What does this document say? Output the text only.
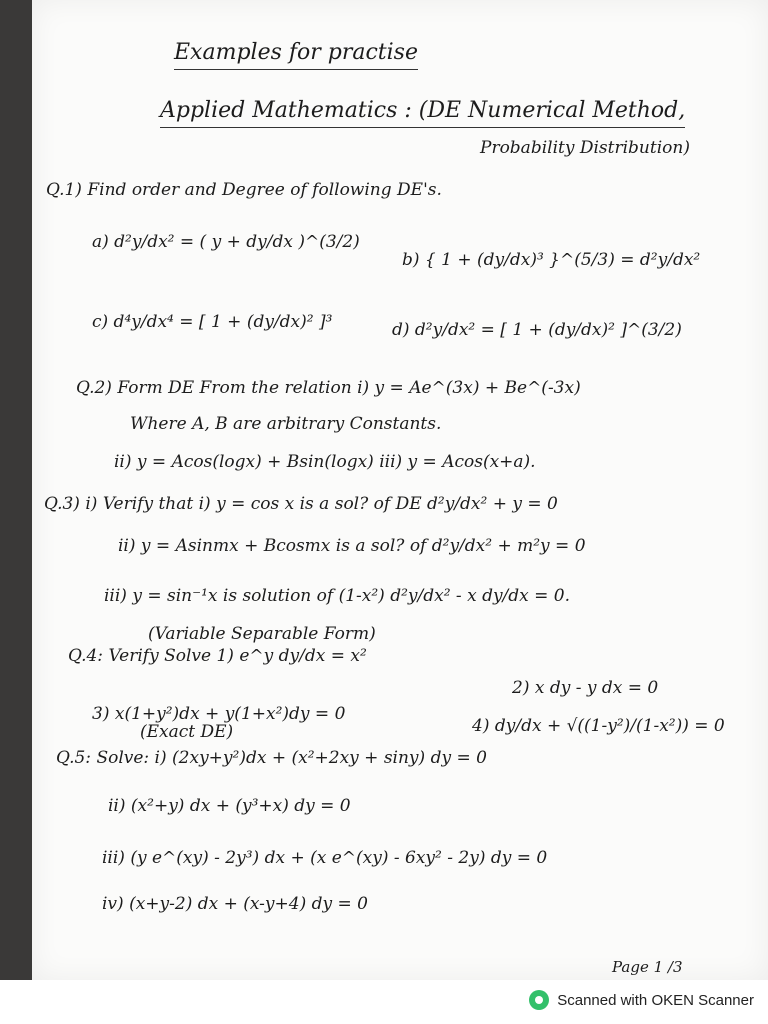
Examples for practise
Applied Mathematics : (DE Numerical Method,
Probability Distribution)
Q.1) Find order and Degree of following DE's.
a) d²y/dx² = ( y + dy/dx )^(3/2)
b) { 1 + (dy/dx)³ }^(5/3) = d²y/dx²
c) d⁴y/dx⁴ = [ 1 + (dy/dx)² ]³	d) d²y/dx² = [ 1 + (dy/dx)² ]^(3/2)
Q.2) Form DE From the relation i) y = Ae^(3x) + Be^(-3x)
Where A, B are arbitrary Constants.
ii) y = Acos(logx) + Bsin(logx) iii) y = Acos(x+a).
Q.3) i) Verify that i) y = cos x is a sol? of DE d²y/dx² + y = 0
ii) y = Asinmx + Bcosmx is a sol? of d²y/dx² + m²y = 0
iii) y = sin⁻¹x is solution of (1-x²) d²y/dx² - x dy/dx = 0.
(Variable Separable Form)
Q.4: Verify Solve 1) e^y dy/dx = x²
2) x dy - y dx = 0
3) x(1+y²)dx + y(1+x²)dy = 0
4) dy/dx + √((1-y²)/(1-x²)) = 0
(Exact DE)
Q.5: Solve: i) (2xy+y²)dx + (x²+2xy + siny) dy = 0
ii) (x²+y) dx + (y³+x) dy = 0
iii) (y e^(xy) - 2y³) dx + (x e^(xy) - 6xy² - 2y) dy = 0
iv) (x+y-2) dx + (x-y+4) dy = 0
Page 1 /3
Scanned with OKEN Scanner
